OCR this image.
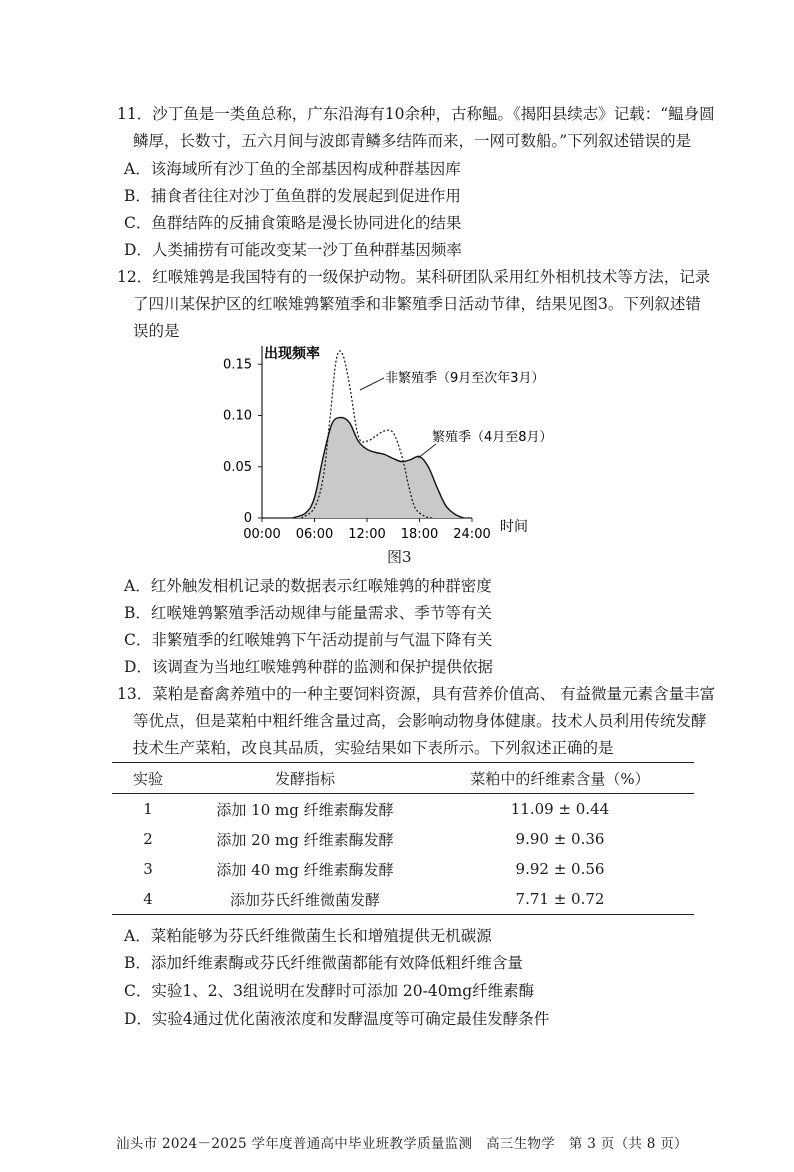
11．沙丁鱼是一类鱼总称，广东沿海有10余种，古称鳁。《揭阳县续志》记载：“鳁身圆
鳞厚，长数寸，五六月间与波郎青鳞多结阵而来，一网可数船。”下列叙述错误的是
A．该海域所有沙丁鱼的全部基因构成种群基因库
B．捕食者往往对沙丁鱼鱼群的发展起到促进作用
C．鱼群结阵的反捕食策略是漫长协同进化的结果
D．人类捕捞有可能改变某一沙丁鱼种群基因频率
12．红喉雉鹑是我国特有的一级保护动物。某科研团队采用红外相机技术等方法，记录
了四川某保护区的红喉雉鹑繁殖季和非繁殖季日活动节律，结果见图3。下列叙述错
误的是
00:00 06:00 12:00 18:00 24:00
0
0.05
0.10
0.15
出现频率
时间
非繁殖季（9月至次年3月）
繁殖季（4月至8月）
图3
A．红外触发相机记录的数据表示红喉雉鹑的种群密度
B．红喉雉鹑繁殖季活动规律与能量需求、季节等有关
C．非繁殖季的红喉雉鹑下午活动提前与气温下降有关
D．该调查为当地红喉雉鹑种群的监测和保护提供依据
13．菜粕是畜禽养殖中的一种主要饲料资源，具有营养价值高、 有益微量元素含量丰富
等优点，但是菜粕中粗纤维含量过高，会影响动物身体健康。技术人员利用传统发酵
技术生产菜粕，改良其品质，实验结果如下表所示。下列叙述正确的是
实验	发酵指标	菜粕中的纤维素含量（%）
1	添加 10 mg 纤维素酶发酵	11.09 ± 0.44
2	添加 20 mg 纤维素酶发酵	9.90 ± 0.36
3	添加 40 mg 纤维素酶发酵	9.92 ± 0.56
4	添加芬氏纤维微菌发酵	7.71 ± 0.72
A．菜粕能够为芬氏纤维微菌生长和增殖提供无机碳源
B．添加纤维素酶或芬氏纤维微菌都能有效降低粗纤维含量
C．实验1、2、3组说明在发酵时可添加 20-40mg纤维素酶
D．实验4通过优化菌液浓度和发酵温度等可确定最佳发酵条件
汕头市 2024－2025 学年度普通高中毕业班教学质量监测　高三生物学　第 3 页（共 8 页）
